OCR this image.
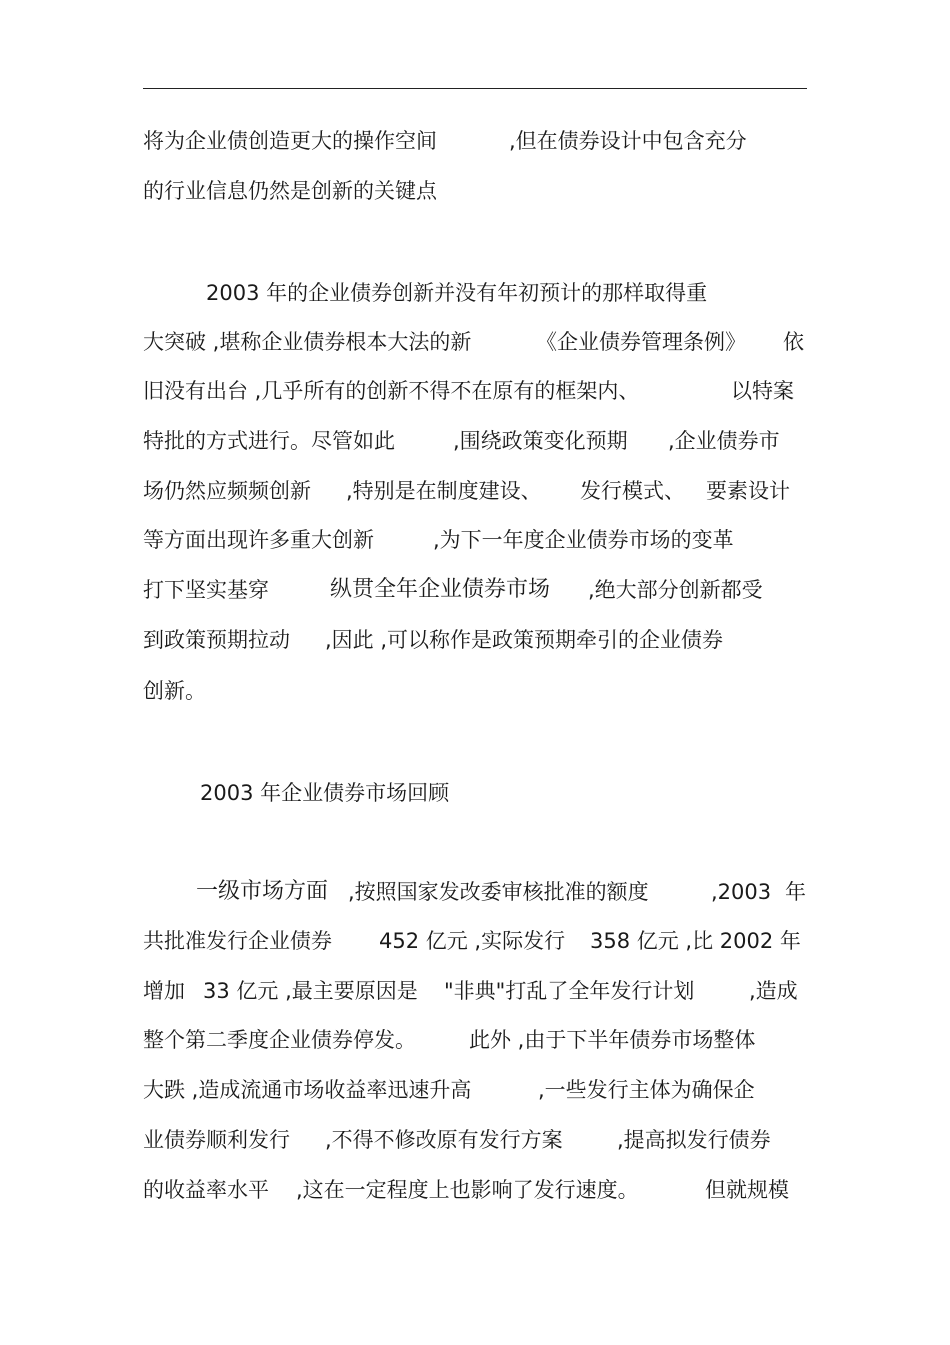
将为企业债创造更大的操作空间	,但在债券设计中包含充分
的行业信息仍然是创新的关键点
2003 年的企业债券创新并没有年初预计的那样取得重
大突破 ,堪称企业债券根本大法的新	《企业债券管理条例》 依
旧没有出台 ,几乎所有的创新不得不在原有的框架内、	以特案
特批的方式进行。尽管如此	,围绕政策变化预期 ,企业债券市
场仍然应频频创新 ,特别是在制度建设、 发行模式、 要素设计
等方面出现许多重大创新	,为下一年度企业债券市场的变革
打下坚实基穿	纵贯全年企业债券市场 ,绝大部分创新都受
到政策预期拉动 ,因此 ,可以称作是政策预期牵引的企业债券
创新。
2003 年企业债券市场回顾
一级市场方面 ,按照国家发改委审核批准的额度	,2003 年
共批准发行企业债券 452 亿元 ,实际发行 358 亿元 ,比 2002 年
增加 33 亿元 ,最主要原因是 "非典"打乱了全年发行计划	,造成
整个第二季度企业债券停发。	此外 ,由于下半年债券市场整体
大跌 ,造成流通市场收益率迅速升高	,一些发行主体为确保企
业债券顺利发行 ,不得不修改原有发行方案	,提高拟发行债券
的收益率水平 ,这在一定程度上也影响了发行速度。	但就规模
